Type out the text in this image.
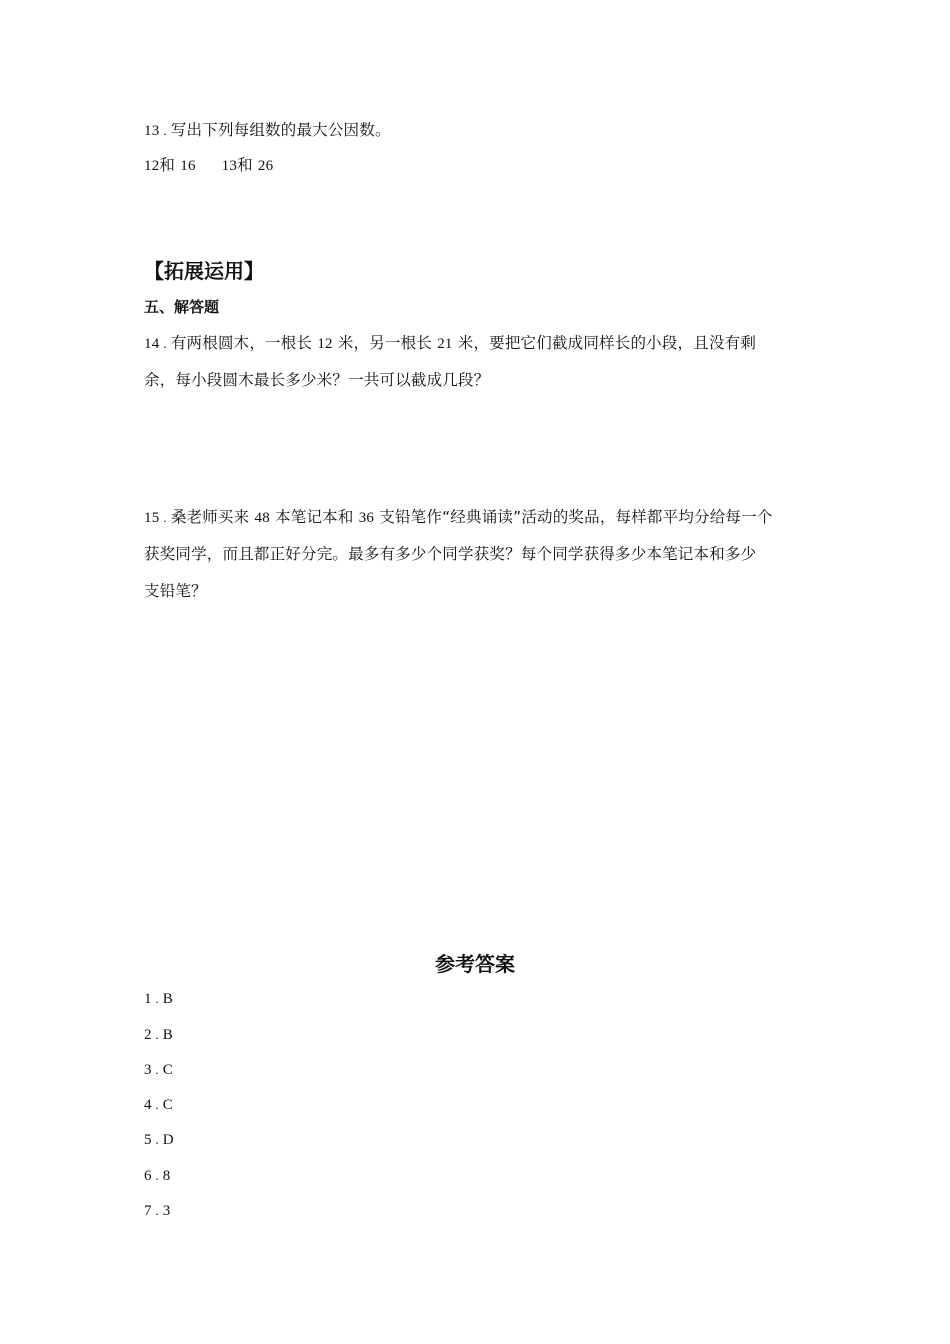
13 . 写出下列每组数的最大公因数。
12和 16 13和 26
【拓展运用】
五、解答题
14 . 有两根圆木，一根长 12 米，另一根长 21 米，要把它们截成同样长的小段，且没有剩
余，每小段圆木最长多少米？一共可以截成几段？
15 . 桑老师买来 48 本笔记本和 36 支铅笔作“经典诵读”活动的奖品，每样都平均分给每一个
获奖同学，而且都正好分完。最多有多少个同学获奖？每个同学获得多少本笔记本和多少
支铅笔？
参考答案
1 . B
2 . B
3 . C
4 . C
5 . D
6 . 8
7 . 3
